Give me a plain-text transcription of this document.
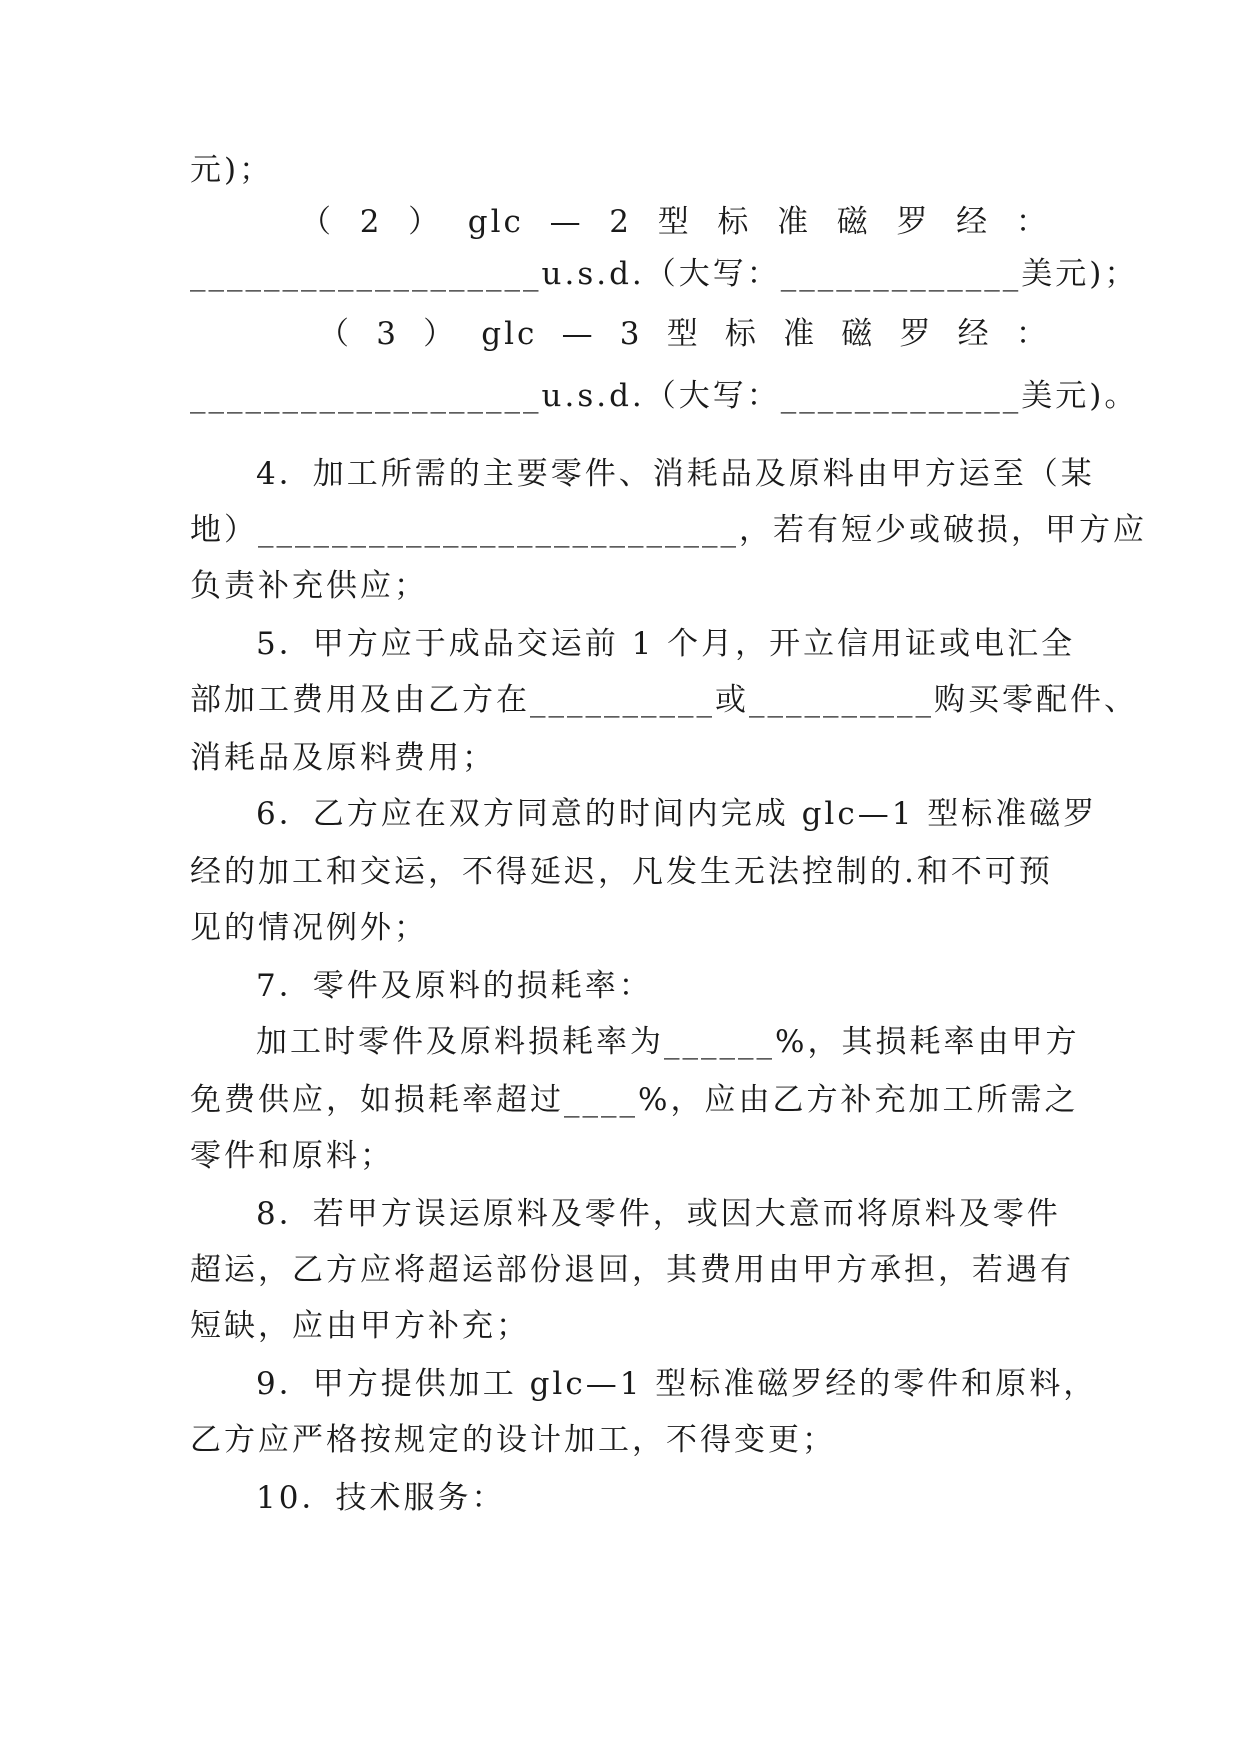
元)；
（ 2 ） glc — 2 型 标 准 磁 罗 经 ：
___________________u.s.d.（大写：_____________美元)；
（ 3 ） glc — 3 型 标 准 磁 罗 经 ：
___________________u.s.d.（大写：_____________美元)。
4．加工所需的主要零件、消耗品及原料由甲方运至（某
地）__________________________，若有短少或破损，甲方应
负责补充供应；
5．甲方应于成品交运前 1 个月，开立信用证或电汇全
部加工费用及由乙方在__________或__________购买零配件、
消耗品及原料费用；
6．乙方应在双方同意的时间内完成 glc—1 型标准磁罗
经的加工和交运，不得延迟，凡发生无法控制的.和不可预
见的情况例外；
7．零件及原料的损耗率：
加工时零件及原料损耗率为______%，其损耗率由甲方
免费供应，如损耗率超过____%，应由乙方补充加工所需之
零件和原料；
8．若甲方误运原料及零件，或因大意而将原料及零件
超运，乙方应将超运部份退回，其费用由甲方承担，若遇有
短缺，应由甲方补充；
9．甲方提供加工 glc—1 型标准磁罗经的零件和原料，
乙方应严格按规定的设计加工，不得变更；
10．技术服务：
